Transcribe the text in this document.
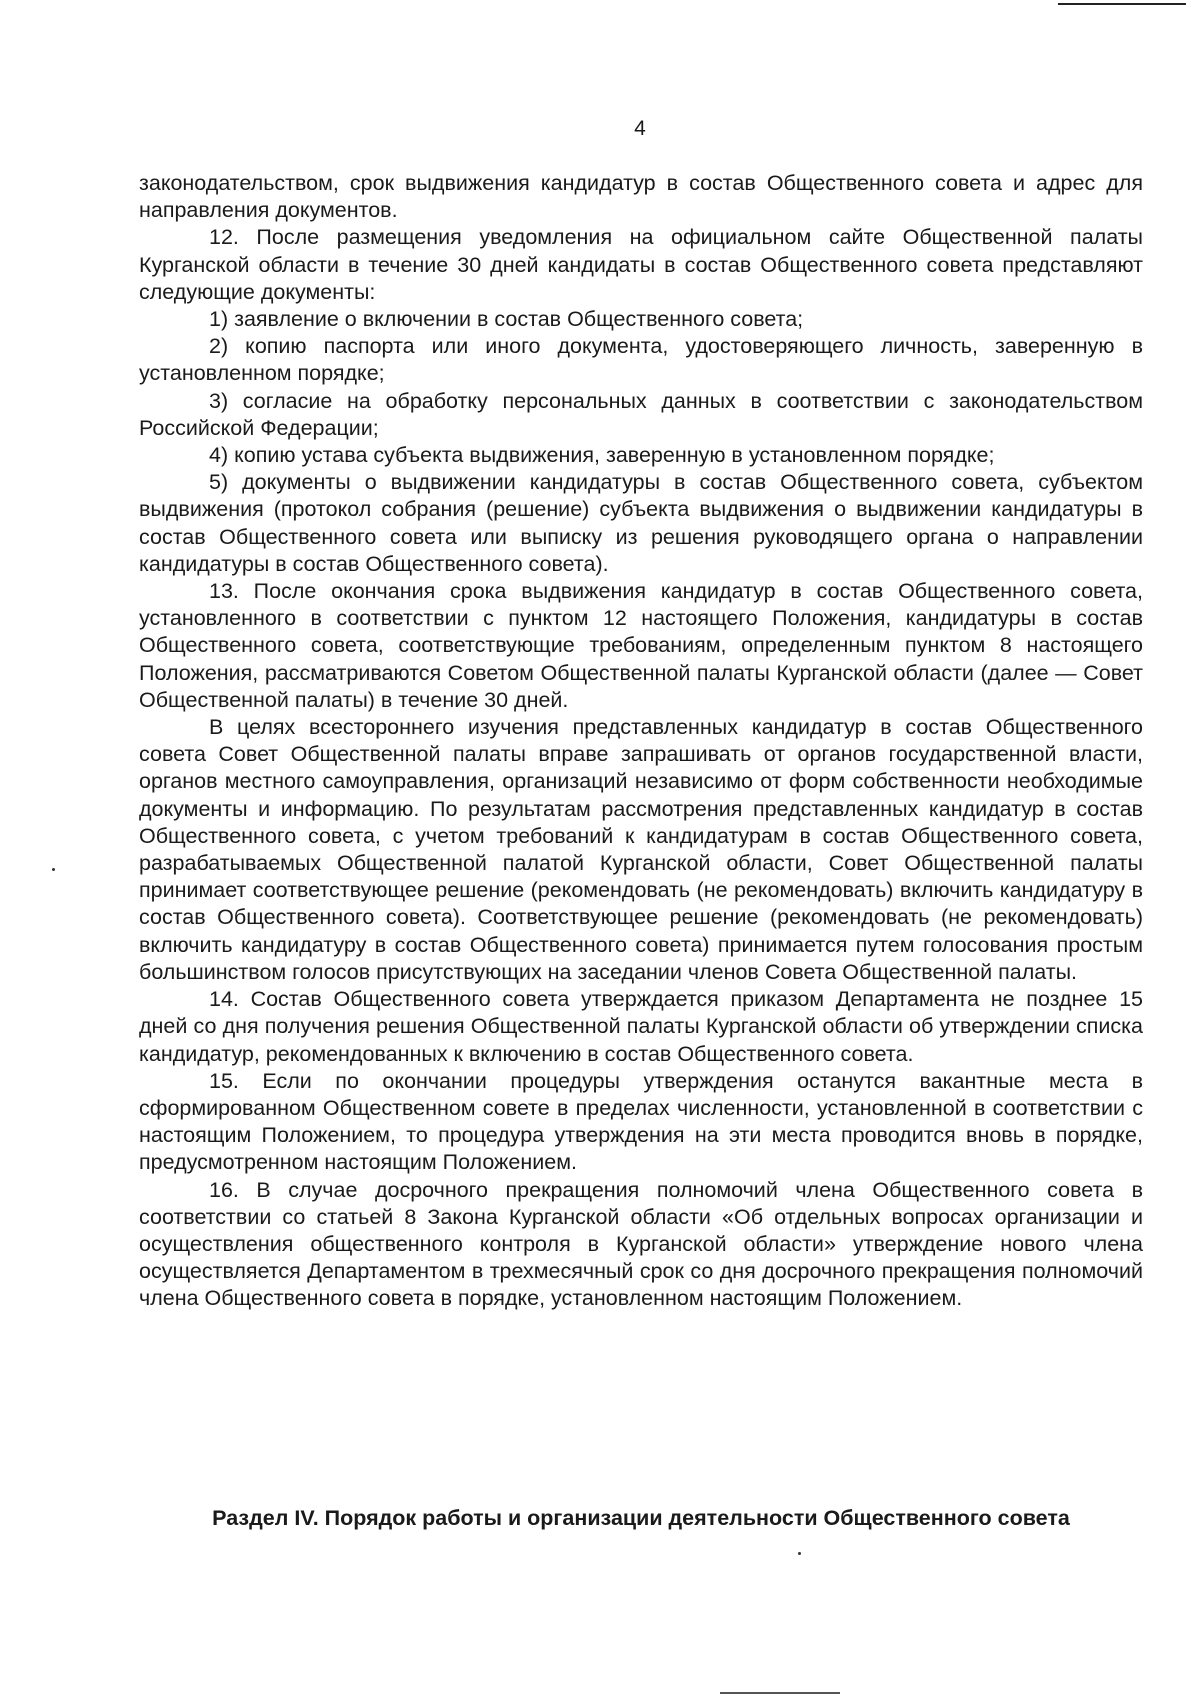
4

законодательством, срок выдвижения кандидатур в состав Общественного совета и адрес для направления документов.

12. После размещения уведомления на официальном сайте Общественной палаты Курганской области в течение 30 дней кандидаты в состав Общественного совета представляют следующие документы:

1) заявление о включении в состав Общественного совета;

2) копию паспорта или иного документа, удостоверяющего личность, заверенную в установленном порядке;

3) согласие на обработку персональных данных в соответствии с законодательством Российской Федерации;

4) копию устава субъекта выдвижения, заверенную в установленном порядке;

5) документы о выдвижении кандидатуры в состав Общественного совета, субъектом выдвижения (протокол собрания (решение) субъекта выдвижения о выдвижении кандидатуры в состав Общественного совета или выписку из решения руководящего органа о направлении кандидатуры в состав Общественного совета).

13. После окончания срока выдвижения кандидатур в состав Общественного совета, установленного в соответствии с пунктом 12 настоящего Положения, кандидатуры в состав Общественного совета, соответствующие требованиям, определенным пунктом 8 настоящего Положения, рассматриваются Советом Общественной палаты Курганской области (далее — Совет Общественной палаты) в течение 30 дней.

В целях всестороннего изучения представленных кандидатур в состав Общественного совета Совет Общественной палаты вправе запрашивать от органов государственной власти, органов местного самоуправления, организаций независимо от форм собственности необходимые документы и информацию. По результатам рассмотрения представленных кандидатур в состав Общественного совета, с учетом требований к кандидатурам в состав Общественного совета, разрабатываемых Общественной палатой Курганской области, Совет Общественной палаты принимает соответствующее решение (рекомендовать (не рекомендовать) включить кандидатуру в состав Общественного совета). Соответствующее решение (рекомендовать (не рекомендовать) включить кандидатуру в состав Общественного совета) принимается путем голосования простым большинством голосов присутствующих на заседании членов Совета Общественной палаты.

14. Состав Общественного совета утверждается приказом Департамента не позднее 15 дней со дня получения решения Общественной палаты Курганской области об утверждении списка кандидатур, рекомендованных к включению в состав Общественного совета.

15. Если по окончании процедуры утверждения останутся вакантные места в сформированном Общественном совете в пределах численности, установленной в соответствии с настоящим Положением, то процедура утверждения на эти места проводится вновь в порядке, предусмотренном настоящим Положением.

16. В случае досрочного прекращения полномочий члена Общественного совета в соответствии со статьей 8 Закона Курганской области «Об отдельных вопросах организации и осуществления общественного контроля в Курганской области» утверждение нового члена осуществляется Департаментом в трехмесячный срок со дня досрочного прекращения полномочий члена Общественного совета в порядке, установленном настоящим Положением.

Раздел IV. Порядок работы и организации деятельности Общественного совета
